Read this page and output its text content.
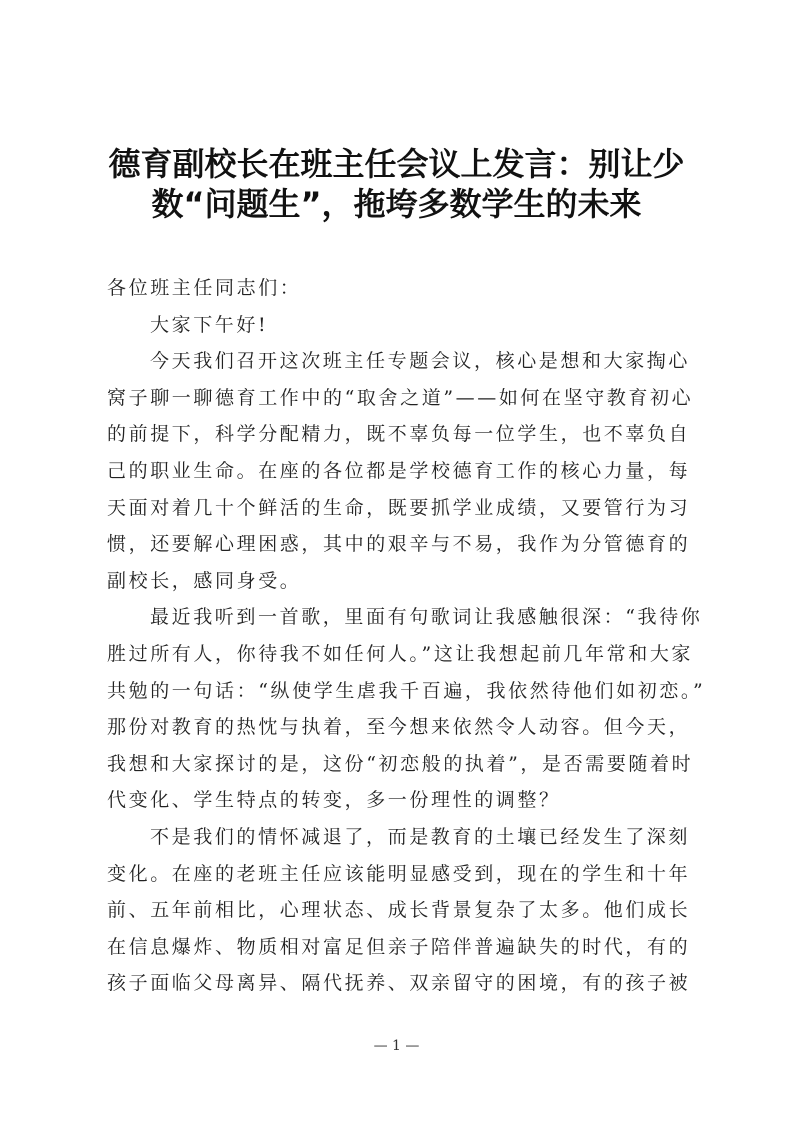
德育副校长在班主任会议上发言：别让少
数“问题生”，拖垮多数学生的未来
各位班主任同志们：
大家下午好!
今天我们召开这次班主任专题会议，核心是想和大家掏心
窝子聊一聊德育工作中的“取舍之道”——如何在坚守教育初心
的前提下，科学分配精力，既不辜负每一位学生，也不辜负自
己的职业生命。在座的各位都是学校德育工作的核心力量，每
天面对着几十个鲜活的生命，既要抓学业成绩，又要管行为习
惯，还要解心理困惑，其中的艰辛与不易，我作为分管德育的
副校长，感同身受。
最近我听到一首歌，里面有句歌词让我感触很深：“我待你
胜过所有人，你待我不如任何人。”这让我想起前几年常和大家
共勉的一句话：“纵使学生虐我千百遍，我依然待他们如初恋。”
那份对教育的热忱与执着，至今想来依然令人动容。但今天，
我想和大家探讨的是，这份“初恋般的执着”，是否需要随着时
代变化、学生特点的转变，多一份理性的调整？
不是我们的情怀减退了，而是教育的土壤已经发生了深刻
变化。在座的老班主任应该能明显感受到，现在的学生和十年
前、五年前相比，心理状态、成长背景复杂了太多。他们成长
在信息爆炸、物质相对富足但亲子陪伴普遍缺失的时代，有的
孩子面临父母离异、隔代抚养、双亲留守的困境，有的孩子被
— 1 —
